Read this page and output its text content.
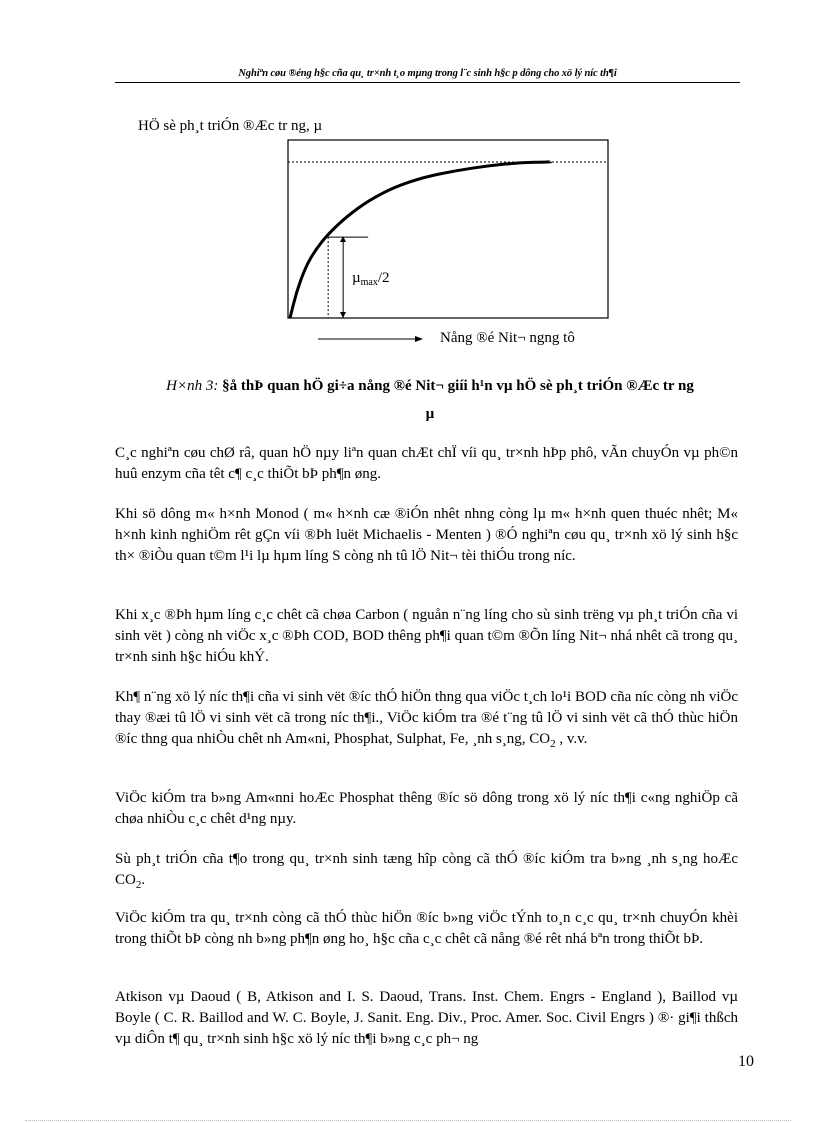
Nghiªn cøu ®éng h§c cña qu¸ tr×nh t¸o mµng trong l¨c sinh h§c p dông cho xö lý níc th¶i
HÖ sè ph¸t triÓn ®Æc tr ng, µ
µ$_{max}$/2
Nång ®é Nit¬ ngng tô
H×nh 3: §å thÞ quan hÖ gi÷a nång ®é Nit¬ giíi h¹n vµ hÖ sè ph¸t triÓn ®Æc tr ng
µ

C¸c nghiªn cøu chØ râ, quan hÖ nµy liªn quan chÆt chÏ víi qu¸ tr×nh hÞp phô, vÃn chuyÓn vµ ph©n huû enzym cña têt c¶ c¸c thiÕt bÞ ph¶n øng.

Khi sö dông m« h×nh Monod ( m« h×nh cæ ®iÓn nhêt nhng còng lµ m« h×nh quen thuéc nhêt; M« h×nh kinh nghiÖm rêt gÇn víi ®Þh luët Michaelis - Menten ) ®Ó nghiªn cøu qu¸ tr×nh xö lý sinh h§c th× ®iÒu quan t©m l¹i lµ hµm líng S còng nh tû lÖ Nit¬ tèi thiÓu trong níc.

Khi x¸c ®Þh hµm líng c¸c chêt cã chøa Carbon ( nguån n¨ng líng cho sù sinh trëng vµ ph¸t triÓn cña vi sinh vët ) còng nh viÖc x¸c ®Þh COD, BOD thêng ph¶i quan t©m ®Õn líng Nit¬ nhá nhêt cã trong qu¸ tr×nh sinh h§c hiÓu khÝ.

Kh¶ n¨ng xö lý níc th¶i cña vi sinh vët ®íc thÓ hiÖn thng qua viÖc t¸ch lo¹i BOD cña níc còng nh viÖc thay ®æi tû lÖ vi sinh vët cã trong níc th¶i., ViÖc kiÓm tra ®é t¨ng tû lÖ vi sinh vët cã thÓ thùc hiÖn ®íc thng qua nhiÒu chêt nh Am«ni, Phosphat, Sulphat, Fe, ¸nh s¸ng, $CO_2$ , v.v.

ViÖc kiÓm tra b»ng Am«nni hoÆc Phosphat thêng ®íc sö dông trong xö lý níc th¶i c«ng nghiÖp cã chøa nhiÒu c¸c chêt d¹ng nµy.

Sù ph¸t triÓn cña t¶o trong qu¸ tr×nh sinh tæng hîp còng cã thÓ ®íc kiÓm tra b»ng ¸nh s¸ng hoÆc $CO_2$.

ViÖc kiÓm tra qu¸ tr×nh còng cã thÓ thùc hiÖn ®íc b»ng viÖc tÝnh to¸n c¸c qu¸ tr×nh chuyÓn khèi trong thiÕt bÞ còng nh b»ng ph¶n øng ho¸ h§c cña c¸c chêt cã nång ®é rêt nhá bªn trong thiÕt bÞ.

Atkison vµ Daoud ( B, Atkison and I. S. Daoud, Trans. Inst. Chem. Engrs - England ), Baillod vµ Boyle ( C. R. Baillod and W. C. Boyle, J. Sanit. Eng. Div., Proc. Amer. Soc. Civil Engrs ) ®· gi¶i thßch vµ diÔn t¶ qu¸ tr×nh sinh h§c xö lý níc th¶i b»ng c¸c ph¬ ng

10
